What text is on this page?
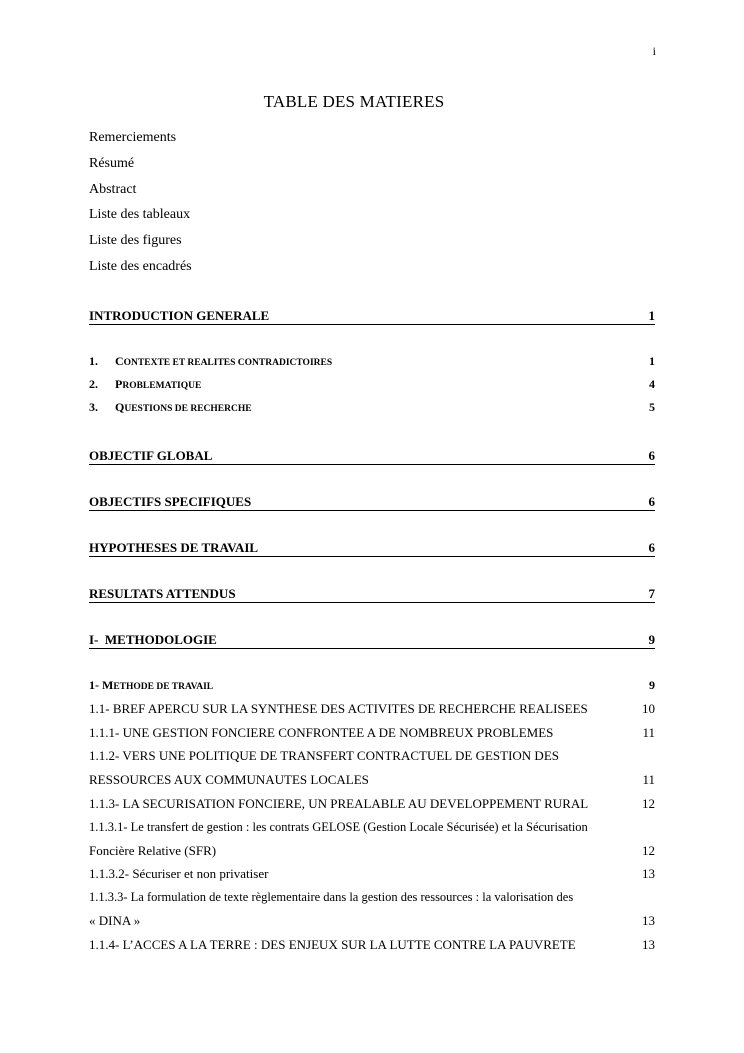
i
TABLE DES MATIERES
Remerciements
Résumé
Abstract
Liste des tableaux
Liste des figures
Liste des encadrés
INTRODUCTION GENERALE	1
1. CONTEXTE ET REALITES CONTRADICTOIRES	1
2. PROBLEMATIQUE	4
3. QUESTIONS DE RECHERCHE	5
OBJECTIF GLOBAL	6
OBJECTIFS SPECIFIQUES	6
HYPOTHESES DE TRAVAIL	6
RESULTATS ATTENDUS	7
I-  METHODOLOGIE	9
1- METHODE DE TRAVAIL	9
1.1- BREF APERCU SUR LA SYNTHESE DES ACTIVITES DE RECHERCHE REALISEES	10
1.1.1- UNE GESTION FONCIERE CONFRONTEE A DE NOMBREUX PROBLEMES	11
1.1.2- VERS UNE POLITIQUE DE TRANSFERT CONTRACTUEL DE GESTION DES
RESSOURCES AUX COMMUNAUTES LOCALES	11
1.1.3- LA SECURISATION FONCIERE, UN PREALABLE AU DEVELOPPEMENT RURAL	12
1.1.3.1- Le transfert de gestion : les contrats GELOSE (Gestion Locale Sécurisée) et la Sécurisation
Foncière Relative (SFR)	12
1.1.3.2- Sécuriser et non privatiser	13
1.1.3.3- La formulation de texte règlementaire dans la gestion des ressources : la valorisation des
« DINA »	13
1.1.4- L’ACCES A LA TERRE : DES ENJEUX SUR LA LUTTE CONTRE LA PAUVRETE	13
